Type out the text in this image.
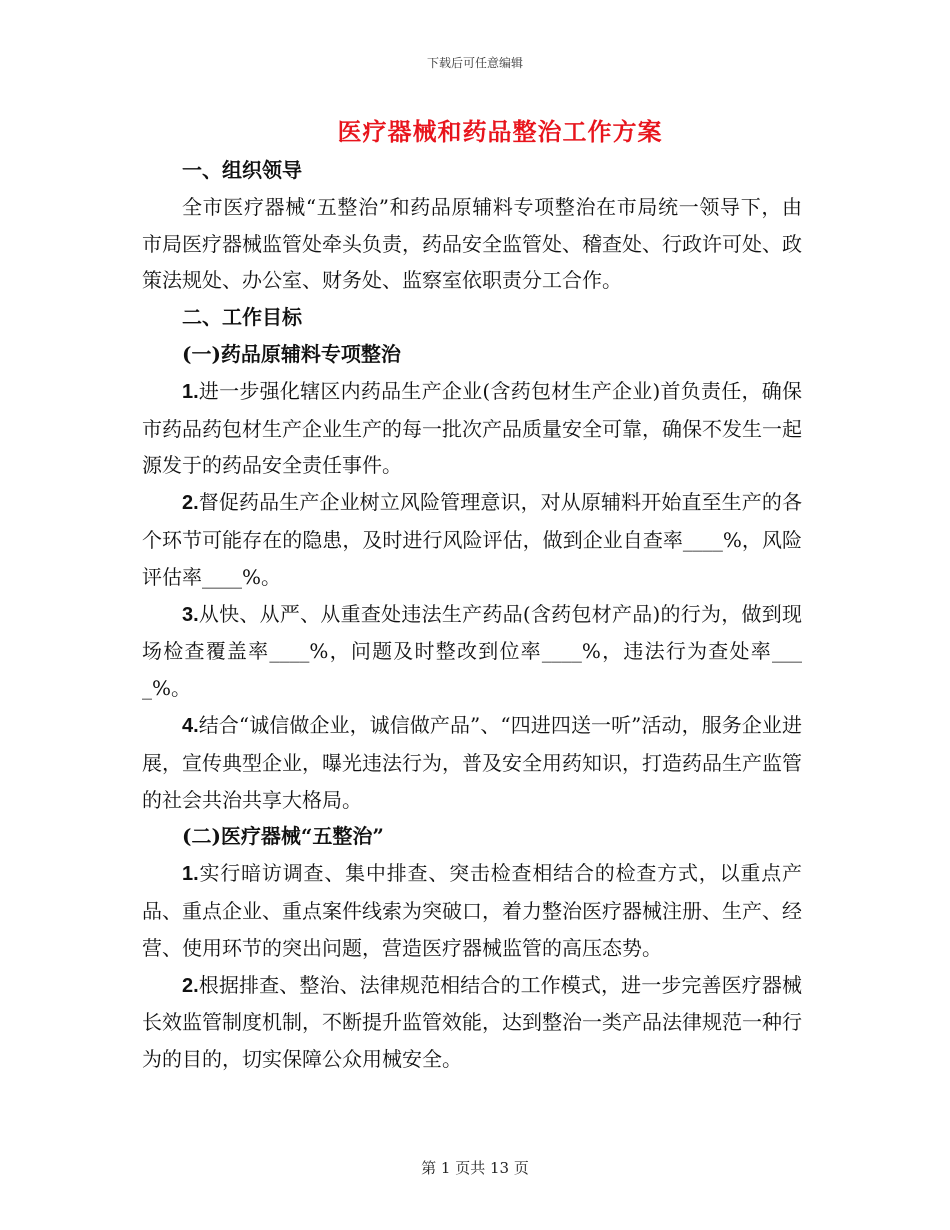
下载后可任意编辑
医疗器械和药品整治工作方案

一、组织领导

全市医疗器械“五整治”和药品原辅料专项整治在市局统一领导下，由市局医疗器械监管处牵头负责，药品安全监管处、稽查处、行政许可处、政策法规处、办公室、财务处、监察室依职责分工合作。

二、工作目标

(一)药品原辅料专项整治

1.进一步强化辖区内药品生产企业(含药包材生产企业)首负责任，确保市药品药包材生产企业生产的每一批次产品质量安全可靠，确保不发生一起源发于的药品安全责任事件。

2.督促药品生产企业树立风险管理意识，对从原辅料开始直至生产的各个环节可能存在的隐患，及时进行风险评估，做到企业自查率____%，风险评估率____%。

3.从快、从严、从重查处违法生产药品(含药包材产品)的行为，做到现场检查覆盖率____%，问题及时整改到位率____%，违法行为查处率____%。

4.结合“诚信做企业，诚信做产品”、“四进四送一听”活动，服务企业进展，宣传典型企业，曝光违法行为，普及安全用药知识，打造药品生产监管的社会共治共享大格局。

(二)医疗器械“五整治”

1.实行暗访调查、集中排查、突击检查相结合的检查方式，以重点产品、重点企业、重点案件线索为突破口，着力整治医疗器械注册、生产、经营、使用环节的突出问题，营造医疗器械监管的高压态势。

2.根据排查、整治、法律规范相结合的工作模式，进一步完善医疗器械长效监管制度机制，不断提升监管效能，达到整治一类产品法律规范一种行为的目的，切实保障公众用械安全。

第 1 页共 13 页
